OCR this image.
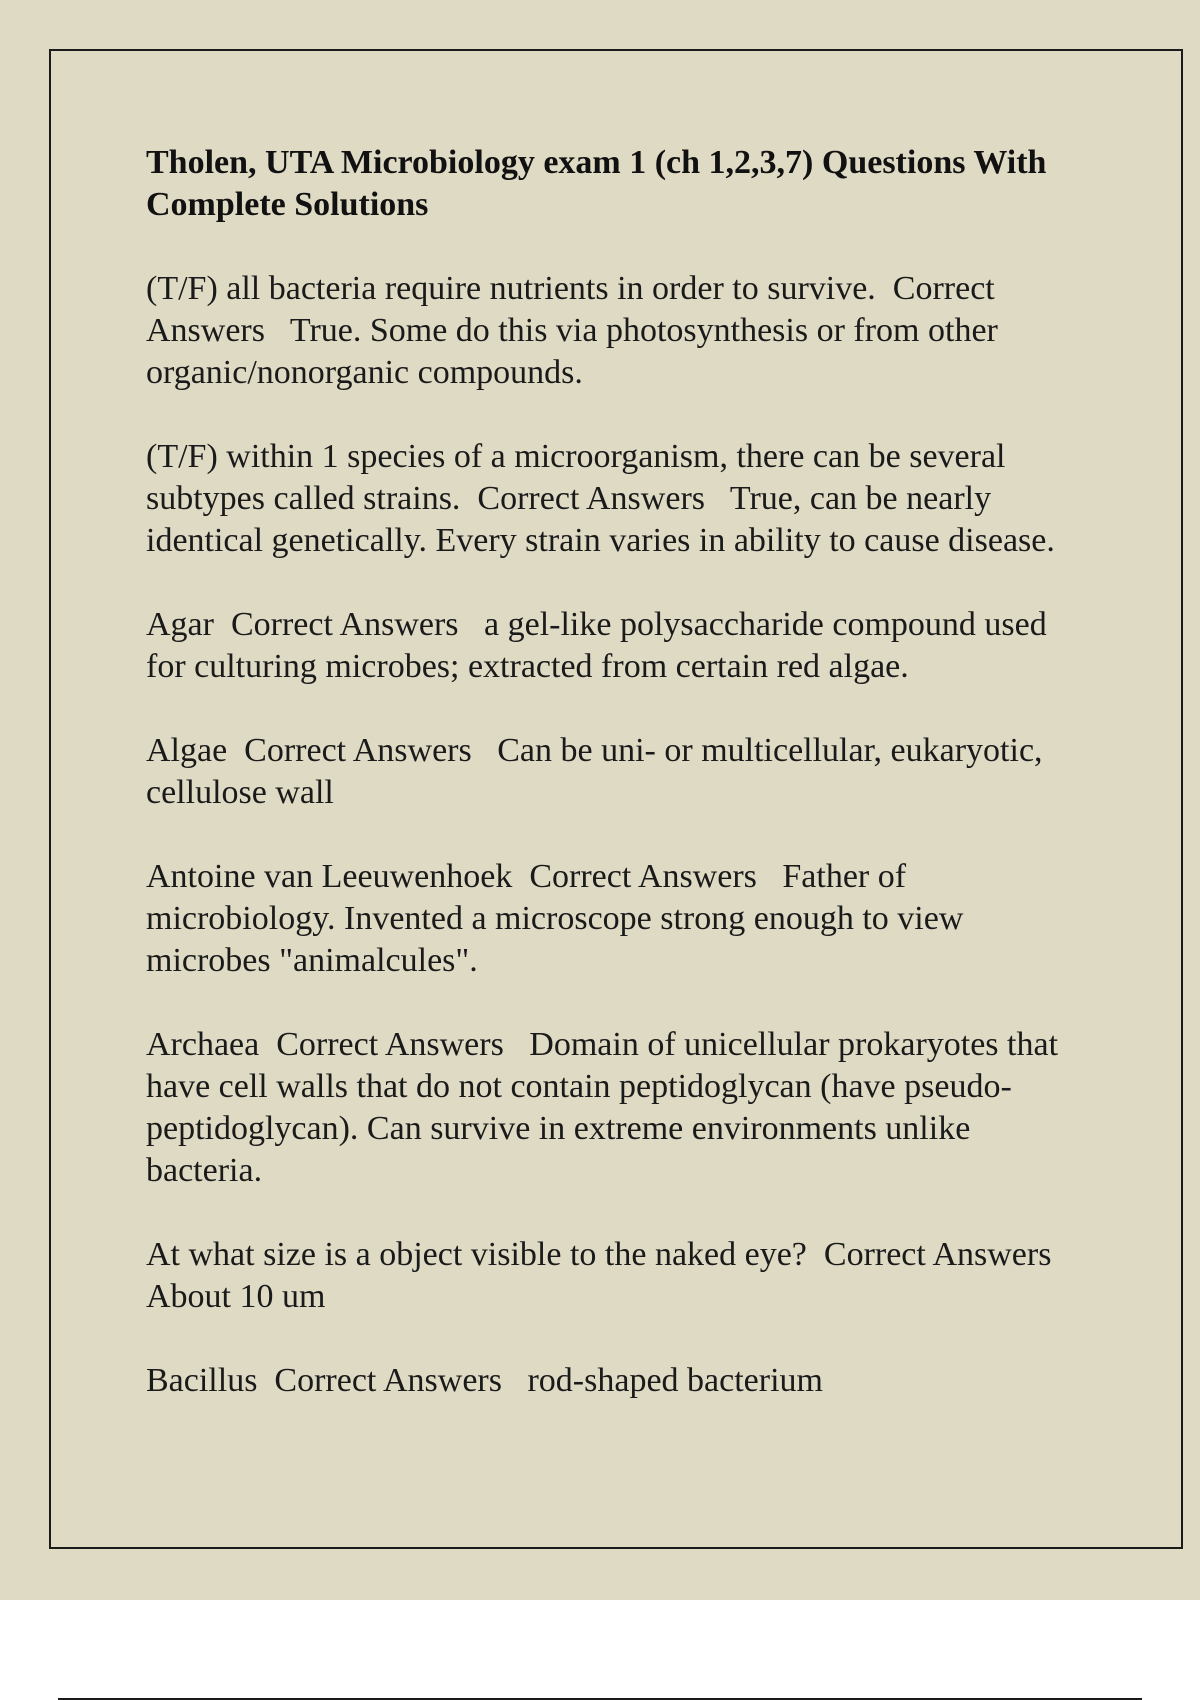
Tholen, UTA Microbiology exam 1 (ch 1,2,3,7) Questions With Complete Solutions

(T/F) all bacteria require nutrients in order to survive.  Correct Answers   True. Some do this via photosynthesis or from other organic/nonorganic compounds.

(T/F) within 1 species of a microorganism, there can be several subtypes called strains.  Correct Answers   True, can be nearly identical genetically. Every strain varies in ability to cause disease.

Agar  Correct Answers   a gel-like polysaccharide compound used for culturing microbes; extracted from certain red algae.

Algae  Correct Answers   Can be uni- or multicellular, eukaryotic, cellulose wall

Antoine van Leeuwenhoek  Correct Answers   Father of microbiology. Invented a microscope strong enough to view microbes "animalcules".

Archaea  Correct Answers   Domain of unicellular prokaryotes that have cell walls that do not contain peptidoglycan (have pseudo-peptidoglycan). Can survive in extreme environments unlike bacteria.

At what size is a object visible to the naked eye?  Correct Answers   About 10 um

Bacillus  Correct Answers   rod-shaped bacterium
